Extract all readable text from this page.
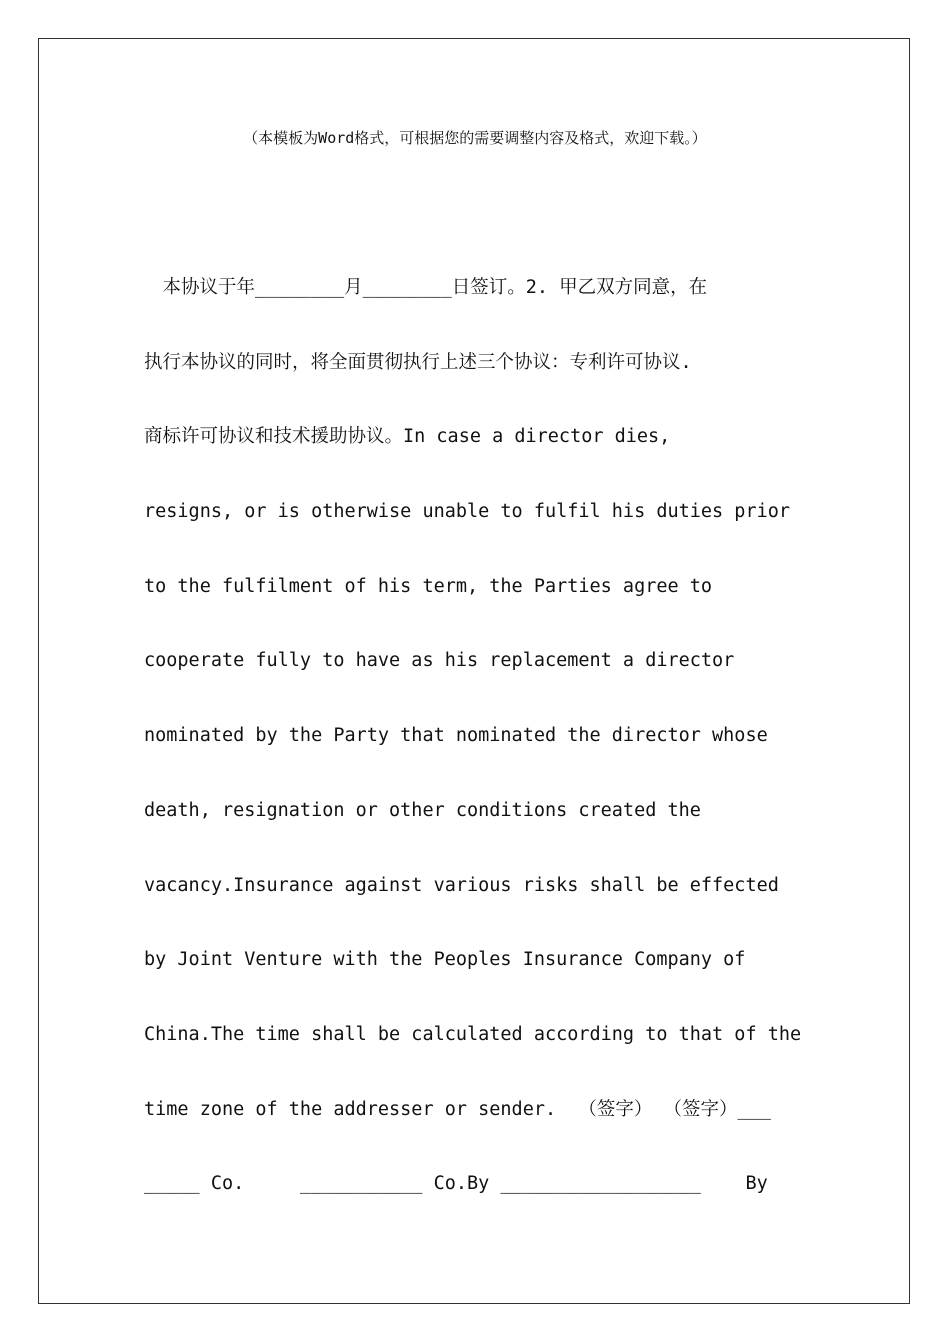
（本模板为Word格式，可根据您的需要调整内容及格式，欢迎下载。）
　本协议于年________月________日签订。2. 甲乙双方同意，在
执行本协议的同时，将全面贯彻执行上述三个协议：专利许可协议.
商标许可协议和技术援助协议。In case a director dies,
resigns, or is otherwise unable to fulfil his duties prior
to the fulfilment of his term, the Parties agree to
cooperate fully to have as his replacement a director
nominated by the Party that nominated the director whose
death, resignation or other conditions created the
vacancy.Insurance against various risks shall be effected
by Joint Venture with the Peoples Insurance Company of
China.The time shall be calculated according to that of the
time zone of the addresser or sender.  （签字） （签字）___
_____ Co.     ___________ Co.By __________________    By
